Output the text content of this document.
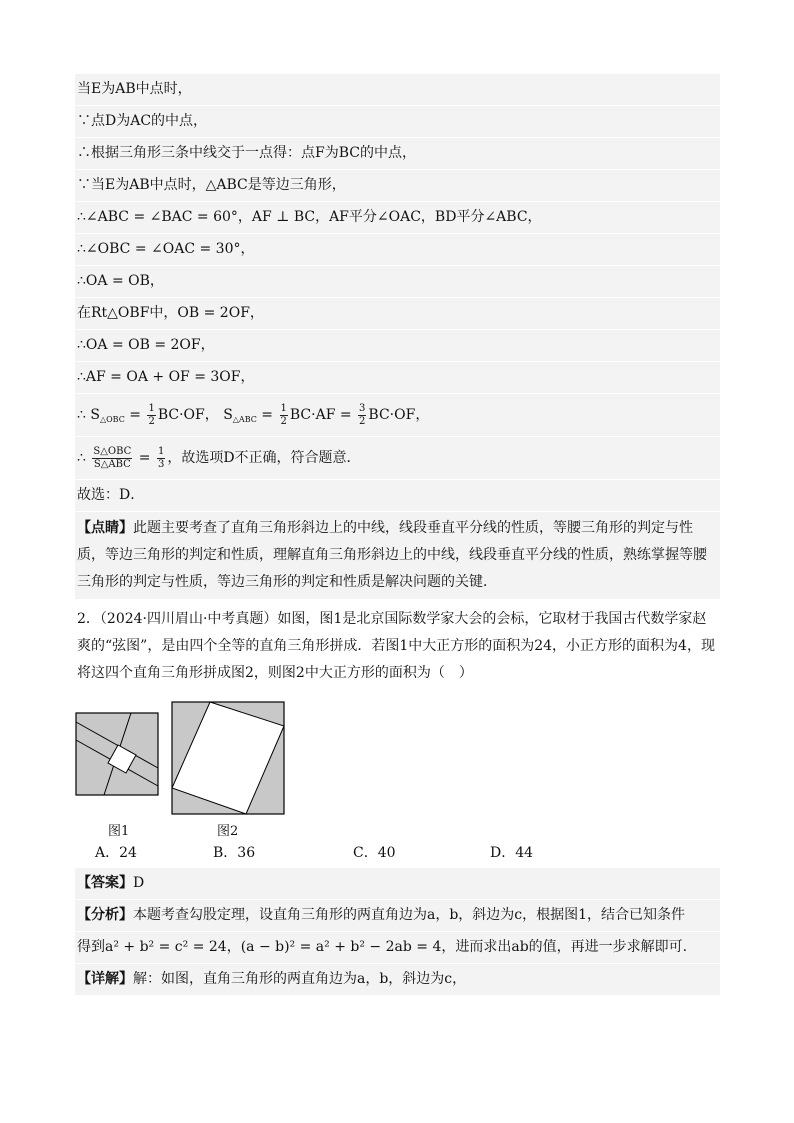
当E为AB中点时，
∵点D为AC的中点，
∴根据三角形三条中线交于一点得：点F为BC的中点，
∵当E为AB中点时，△ABC是等边三角形，
∴∠ABC = ∠BAC = 60°，AF ⊥ BC，AF平分∠OAC，BD平分∠ABC，
∴∠OBC = ∠OAC = 30°，
∴OA = OB，
在Rt△OBF中，OB = 2OF，
∴OA = OB = 2OF，
∴AF = OA + OF = 3OF，
∴ $S_{\triangle OBC} = \frac{1}{2} BC\cdot OF$， $S_{\triangle ABC} = \frac{1}{2} BC\cdot AF = \frac{3}{2} BC\cdot OF$，
∴ $\frac{\text{S△OBC}}{\text{S△ABC}} = \frac{1}{3}$ ，故选项D不正确，符合题意．
故选：D．
【点睛】此题主要考查了直角三角形斜边上的中线，线段垂直平分线的性质，等腰三角形的判定与性质，等边三角形的判定和性质，理解直角三角形斜边上的中线，线段垂直平分线的性质，熟练掌握等腰三角形的判定与性质，等边三角形的判定和性质是解决问题的关键．
2．（2024·四川眉山·中考真题）如图，图1是北京国际数学家大会的会标，它取材于我国古代数学家赵爽的“弦图”，是由四个全等的直角三角形拼成．若图1中大正方形的面积为24，小正方形的面积为4，现将这四个直角三角形拼成图2，则图2中大正方形的面积为（　）
图1	图2
A．24	B．36	C．40	D．44
【答案】D
【分析】本题考查勾股定理，设直角三角形的两直角边为a，b，斜边为c，根据图1，结合已知条件
得到a² + b² = c² = 24，(a − b)² = a² + b² − 2ab = 4，进而求出ab的值，再进一步求解即可.
【详解】解：如图，直角三角形的两直角边为a，b，斜边为c，
